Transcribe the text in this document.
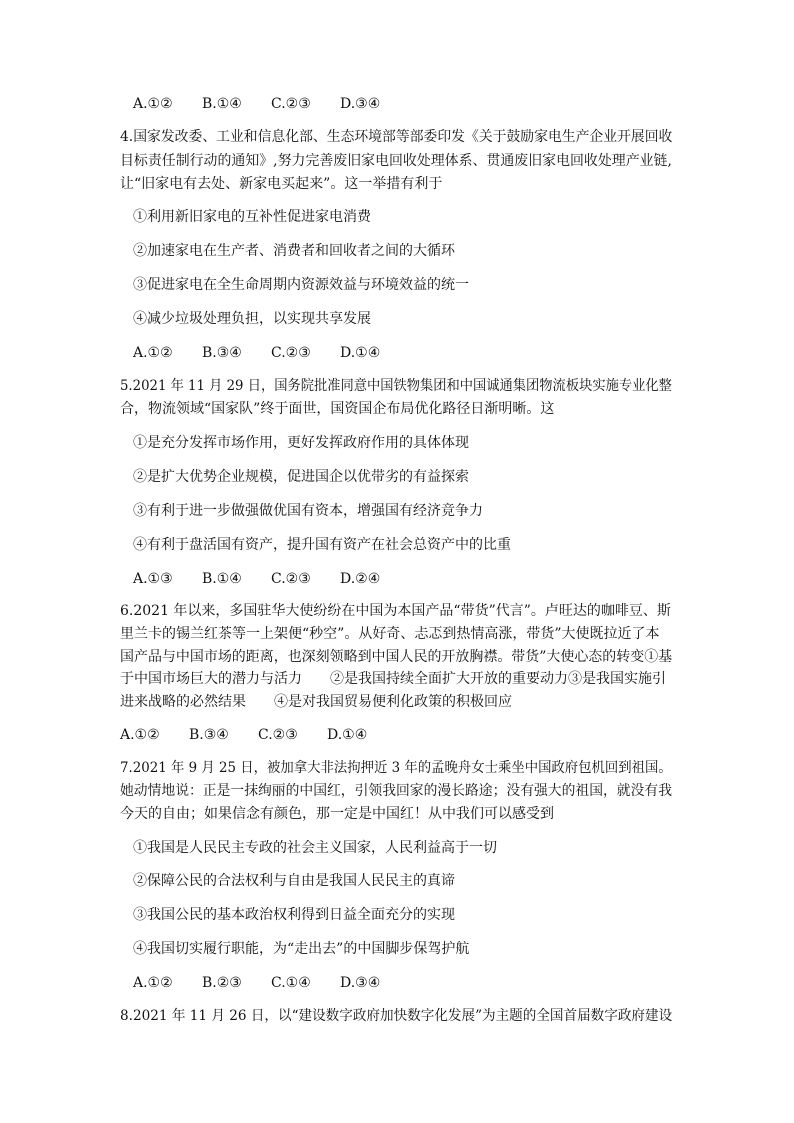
A.①② B.①④ C.②③ D.③④
4.国家发改委、工业和信息化部、生态环境部等部委印发《关于鼓励家电生产企业开展回收
目标责任制行动的通知》,努力完善废旧家电回收处理体系、贯通废旧家电回收处理产业链,
让“旧家电有去处、新家电买起来”。这一举措有利于
①利用新旧家电的互补性促进家电消费
②加速家电在生产者、消费者和回收者之间的大循环
③促进家电在全生命周期内资源效益与环境效益的统一
④减少垃圾处理负担，以实现共享发展
A.①② B.③④ C.②③ D.①④
5.2021 年 11 月 29 日，国务院批准同意中国铁物集团和中国诚通集团物流板块实施专业化整
合，物流领域“国家队”终于面世，国资国企布局优化路径日渐明晰。这
①是充分发挥市场作用，更好发挥政府作用的具体体现
②是扩大优势企业规模，促进国企以优带劣的有益探索
③有利于进一步做强做优国有资本，增强国有经济竞争力
④有利于盘活国有资产，提升国有资产在社会总资产中的比重
A.①③ B.①④ C.②③ D.②④
6.2021 年以来，多国驻华大使纷纷在中国为本国产品“带货”代言”。卢旺达的咖啡豆、斯
里兰卡的锡兰红茶等一上架便“秒空”。从好奇、忐忑到热情高涨，带货”大使既拉近了本
国产品与中国市场的距离，也深刻领略到中国人民的开放胸襟。带货”大使心态的转变①基
于中国市场巨大的潜力与活力　　②是我国持续全面扩大开放的重要动力③是我国实施引
进来战略的必然结果　　④是对我国贸易便利化政策的积极回应
A.①② B.③④ C.②③ D.①④
7.2021 年 9 月 25 日，被加拿大非法拘押近 3 年的孟晚舟女士乘坐中国政府包机回到祖国。
她动情地说：正是一抹绚丽的中国红，引领我回家的漫长路途；没有强大的祖国，就没有我
今天的自由；如果信念有颜色，那一定是中国红！从中我们可以感受到
①我国是人民民主专政的社会主义国家，人民利益高于一切
②保障公民的合法权利与自由是我国人民民主的真谛
③我国公民的基本政治权利得到日益全面充分的实现
④我国切实履行职能，为“走出去”的中国脚步保驾护航
A.①② B.②③ C.①④ D.③④
8.2021 年 11 月 26 日，以“建设数字政府加快数字化发展”为主题的全国首届数字政府建设
